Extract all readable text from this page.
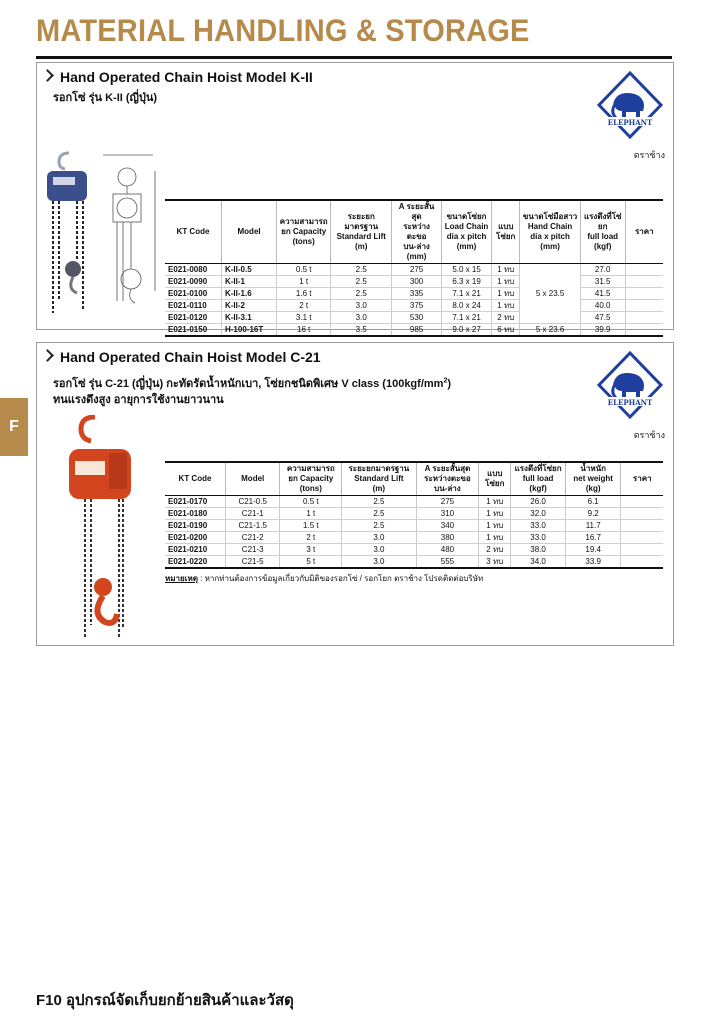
MATERIAL HANDLING & STORAGE
Hand Operated Chain Hoist Model K-II
รอกโซ่ รุ่น K-II (ญี่ปุ่น)
ELEPHANT
ตราช้าง
KT Code	Model	ความสามารถ
ยก Capacity
(tons)	ระยะยกมาตรฐาน
Standard Lift
(m)	A ระยะสั้นสุด
ระหว่างตะขอ
บน-ล่าง
(mm)	ขนาดโซ่ยก
Load Chain
dia x pitch
(mm)	แบบ
โซ่ยก	ขนาดโซ่มือสาว
Hand Chain
dia x pitch (mm)	แรงดึงที่โซ่ยก
full load
(kgf)	ราคา
E021-0080	K-II-0.5	0.5 t	2.5	275	5.0 x 15	1 ทบ	5 x 23.5	27.0	
E021-0090	K-II-1	1 t	2.5	300	6.3 x 19	1 ทบ		31.5	
E021-0100	K-II-1.6	1.6 t	2.5	335	7.1 x 21	1 ทบ		41.5	
E021-0110	K-II-2	2 t	3.0	375	8.0 x 24	1 ทบ		40.0	
E021-0120	K-II-3.1	3.1 t	3.0	530	7.1 x 21	2 ทบ		47.5	
E021-0150	H-100-16T	16 t	3.5	985	9.0 x 27	6 ทบ	5 x 23.6	39.9	
Hand Operated Chain Hoist Model C-21
รอกโซ่ รุ่น C-21 (ญี่ปุ่น) กะทัดรัดน้ำหนักเบา, โซ่ยกชนิดพิเศษ V class $(100kgf/mm^2)$
ทนแรงดึงสูง อายุการใช้งานยาวนาน	ELEPHANT
ตราช้าง
KT Code	Model	ความสามารถ
ยก Capacity
(tons)	ระยะยกมาตรฐาน
Standard Lift
(m)	A ระยะสั้นสุด
ระหว่างตะขอ
บน-ล่าง	แบบ
โซ่ยก	แรงดึงที่โซ่ยก
full load
(kgf)	น้ำหนัก
net weight
(kg)	ราคา
E021-0170	C21-0.5	0.5 t	2.5	275	1 ทบ	26.0	6.1	
E021-0180	C21-1	1 t	2.5	310	1 ทบ	32.0	9.2	
E021-0190	C21-1.5	1.5 t	2.5	340	1 ทบ	33.0	11.7	
E021-0200	C21-2	2 t	3.0	380	1 ทบ	33.0	16.7	
E021-0210	C21-3	3 t	3.0	480	2 ทบ	38.0	19.4	
E021-0220	C21-5	5 t	3.0	555	3 ทบ	34.0	33.9	
หมายเหตุ : หากท่านต้องการข้อมูลเกี่ยวกับมิติของรอกโซ่ / รอกโยก ตราช้าง โปรดติดต่อบริษัท
F
F10 อุปกรณ์จัดเก็บยกย้ายสินค้าและวัสดุ
